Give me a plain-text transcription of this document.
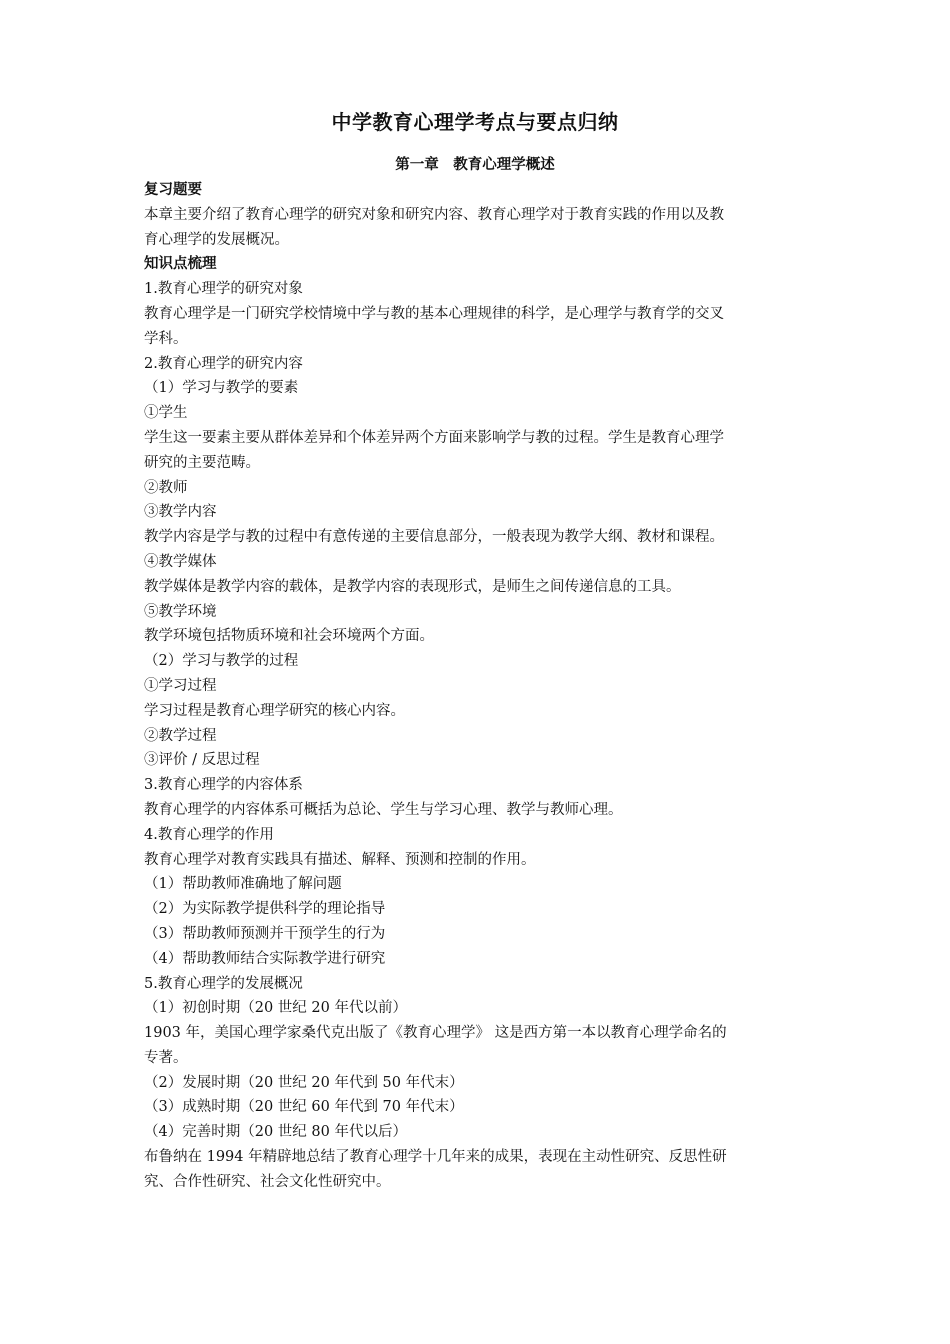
中学教育心理学考点与要点归纳
第一章　教育心理学概述
复习题要
本章主要介绍了教育心理学的研究对象和研究内容、教育心理学对于教育实践的作用以及教
育心理学的发展概况。
知识点梳理
1.教育心理学的研究对象
教育心理学是一门研究学校情境中学与教的基本心理规律的科学，是心理学与教育学的交叉
学科。
2.教育心理学的研究内容
（1）学习与教学的要素
①学生
学生这一要素主要从群体差异和个体差异两个方面来影响学与教的过程。学生是教育心理学
研究的主要范畴。
②教师
③教学内容
教学内容是学与教的过程中有意传递的主要信息部分，一般表现为教学大纲、教材和课程。
④教学媒体
教学媒体是教学内容的载体，是教学内容的表现形式，是师生之间传递信息的工具。
⑤教学环境
教学环境包括物质环境和社会环境两个方面。
（2）学习与教学的过程
①学习过程
学习过程是教育心理学研究的核心内容。
②教学过程
③评价 / 反思过程
3.教育心理学的内容体系
教育心理学的内容体系可概括为总论、学生与学习心理、教学与教师心理。
4.教育心理学的作用
教育心理学对教育实践具有描述、解释、预测和控制的作用。
（1）帮助教师准确地了解问题
（2）为实际教学提供科学的理论指导
（3）帮助教师预测并干预学生的行为
（4）帮助教师结合实际教学进行研究
5.教育心理学的发展概况
（1）初创时期（20 世纪 20 年代以前）
1903 年，美国心理学家桑代克出版了《教育心理学》 这是西方第一本以教育心理学命名的
专著。
（2）发展时期（20 世纪 20 年代到 50 年代末）
（3）成熟时期（20 世纪 60 年代到 70 年代末）
（4）完善时期（20 世纪 80 年代以后）
布鲁纳在 1994 年精辟地总结了教育心理学十几年来的成果，表现在主动性研究、反思性研
究、合作性研究、社会文化性研究中。
